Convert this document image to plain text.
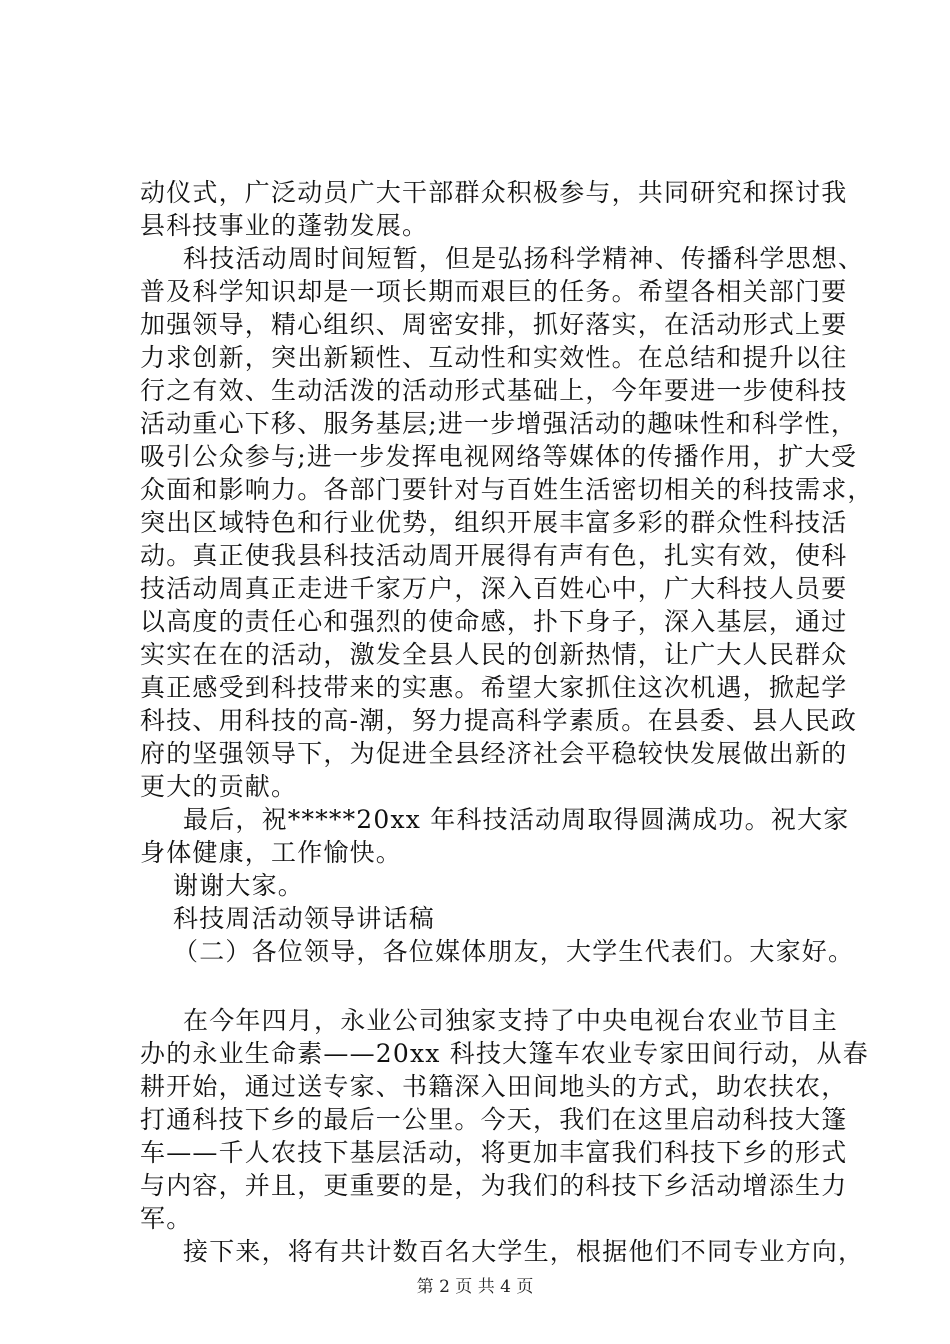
动仪式，广泛动员广大干部群众积极参与，共同研究和探讨我
县科技事业的蓬勃发展。
科技活动周时间短暂，但是弘扬科学精神、传播科学思想、
普及科学知识却是一项长期而艰巨的任务。希望各相关部门要
加强领导，精心组织、周密安排，抓好落实，在活动形式上要
力求创新，突出新颖性、互动性和实效性。在总结和提升以往
行之有效、生动活泼的活动形式基础上，今年要进一步使科技
活动重心下移、服务基层;进一步增强活动的趣味性和科学性，
吸引公众参与;进一步发挥电视网络等媒体的传播作用，扩大受
众面和影响力。各部门要针对与百姓生活密切相关的科技需求，
突出区域特色和行业优势，组织开展丰富多彩的群众性科技活
动。真正使我县科技活动周开展得有声有色，扎实有效，使科
技活动周真正走进千家万户，深入百姓心中，广大科技人员要
以高度的责任心和强烈的使命感，扑下身子，深入基层，通过
实实在在的活动，激发全县人民的创新热情，让广大人民群众
真正感受到科技带来的实惠。希望大家抓住这次机遇，掀起学
科技、用科技的高-潮，努力提高科学素质。在县委、县人民政
府的坚强领导下，为促进全县经济社会平稳较快发展做出新的
更大的贡献。
最后，祝*****20xx 年科技活动周取得圆满成功。祝大家
身体健康，工作愉快。
谢谢大家。
科技周活动领导讲话稿
（二）各位领导，各位媒体朋友，大学生代表们。大家好。
在今年四月，永业公司独家支持了中央电视台农业节目主
办的永业生命素——20xx 科技大篷车农业专家田间行动，从春
耕开始，通过送专家、书籍深入田间地头的方式，助农扶农，
打通科技下乡的最后一公里。今天，我们在这里启动科技大篷
车——千人农技下基层活动，将更加丰富我们科技下乡的形式
与内容，并且，更重要的是，为我们的科技下乡活动增添生力
军。
接下来，将有共计数百名大学生，根据他们不同专业方向，
第 2 页 共 4 页
